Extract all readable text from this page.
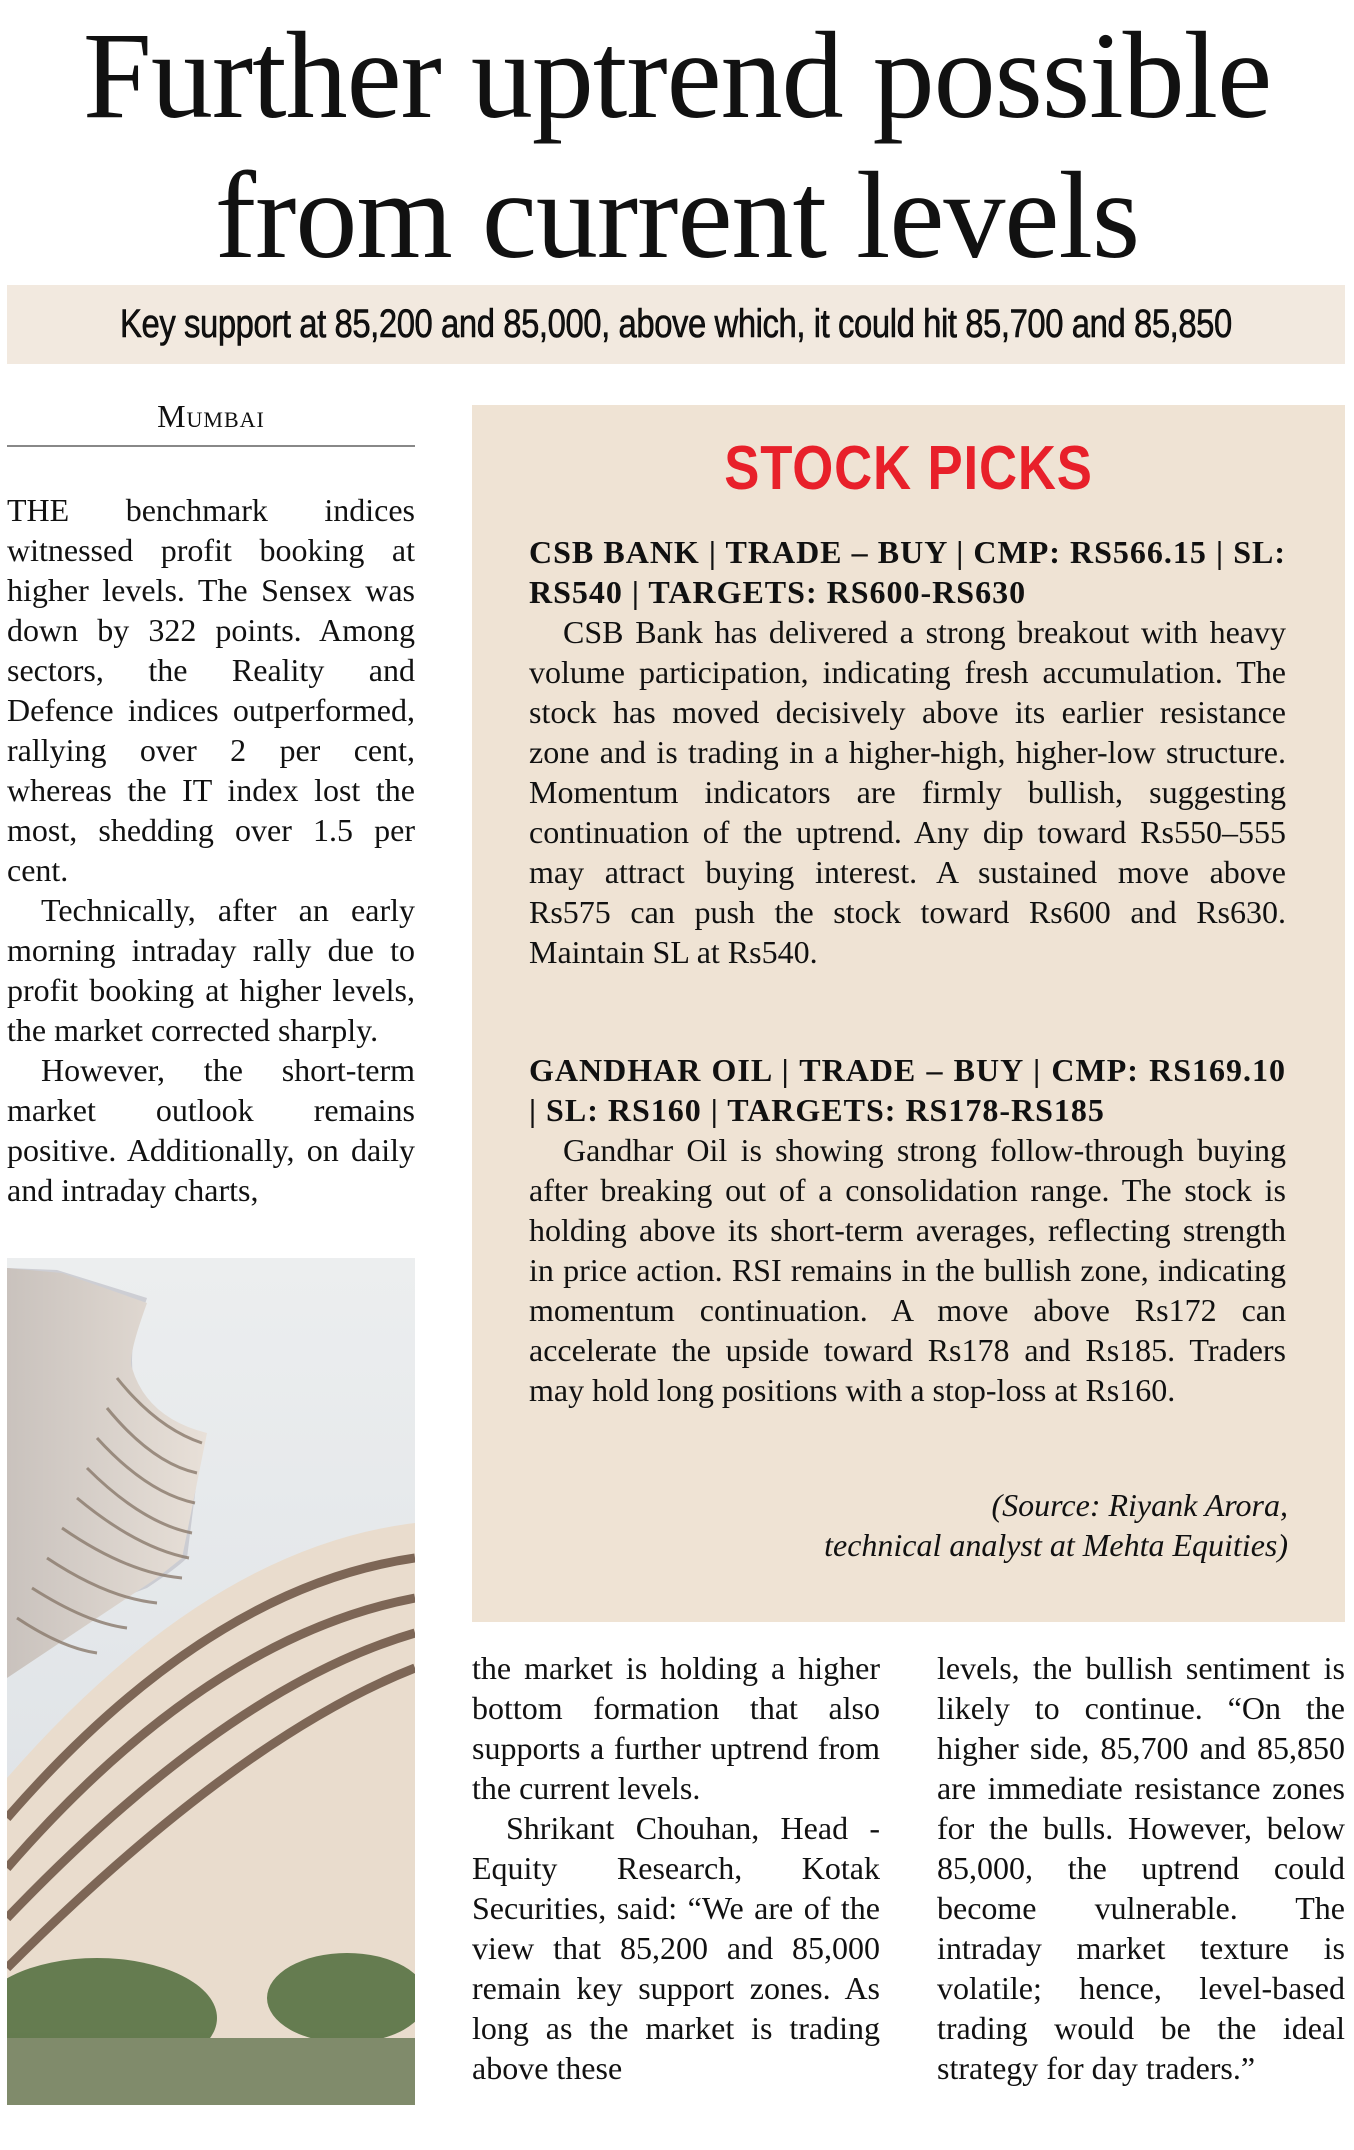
Further uptrend possible
from current levels
Key support at 85,200 and 85,000, above which, it could hit 85,700 and 85,850
Mumbai

THE benchmark indices witnessed profit booking at higher levels. The Sensex was down by 322 points. Among sectors, the Reality and Defence indices outperformed, rallying over 2 per cent, whereas the IT index lost the most, shedding over 1.5 per cent.

Technically, after an early morning intraday rally due to profit booking at higher levels, the market corrected sharply.

However, the short-term market outlook remains positive. Additionally, on daily and intraday charts,

STOCK PICKS
CSB BANK | TRADE – BUY | CMP: RS566.15 | SL: RS540 | TARGETS: RS600-RS630

CSB Bank has delivered a strong breakout with heavy volume participation, indicating fresh accumulation. The stock has moved decisively above its earlier resistance zone and is trading in a higher-high, higher-low structure. Momentum indicators are firmly bullish, suggesting continuation of the uptrend. Any dip toward Rs550–555 may attract buying interest. A sustained move above Rs575 can push the stock toward Rs600 and Rs630. Maintain SL at Rs540.

GANDHAR OIL | TRADE – BUY | CMP: RS169.10 | SL: RS160 | TARGETS: RS178-RS185

Gandhar Oil is showing strong follow-through buying after breaking out of a consolidation range. The stock is holding above its short-term averages, reflecting strength in price action. RSI remains in the bullish zone, indicating momentum continuation. A move above Rs172 can accelerate the upside toward Rs178 and Rs185. Traders may hold long positions with a stop-loss at Rs160.

(Source: Riyank Arora,
technical analyst at Mehta Equities)

the market is holding a higher bottom formation that also supports a further uptrend from the current levels.

Shrikant Chouhan, Head - Equity Research, Kotak Securities, said: “We are of the view that 85,200 and 85,000 remain key support zones. As long as the market is trading above these

levels, the bullish sentiment is likely to continue. “On the higher side, 85,700 and 85,850 are immediate resistance zones for the bulls. However, below 85,000, the uptrend could become vulnerable. The intraday market texture is volatile; hence, level-based trading would be the ideal strategy for day traders.”
